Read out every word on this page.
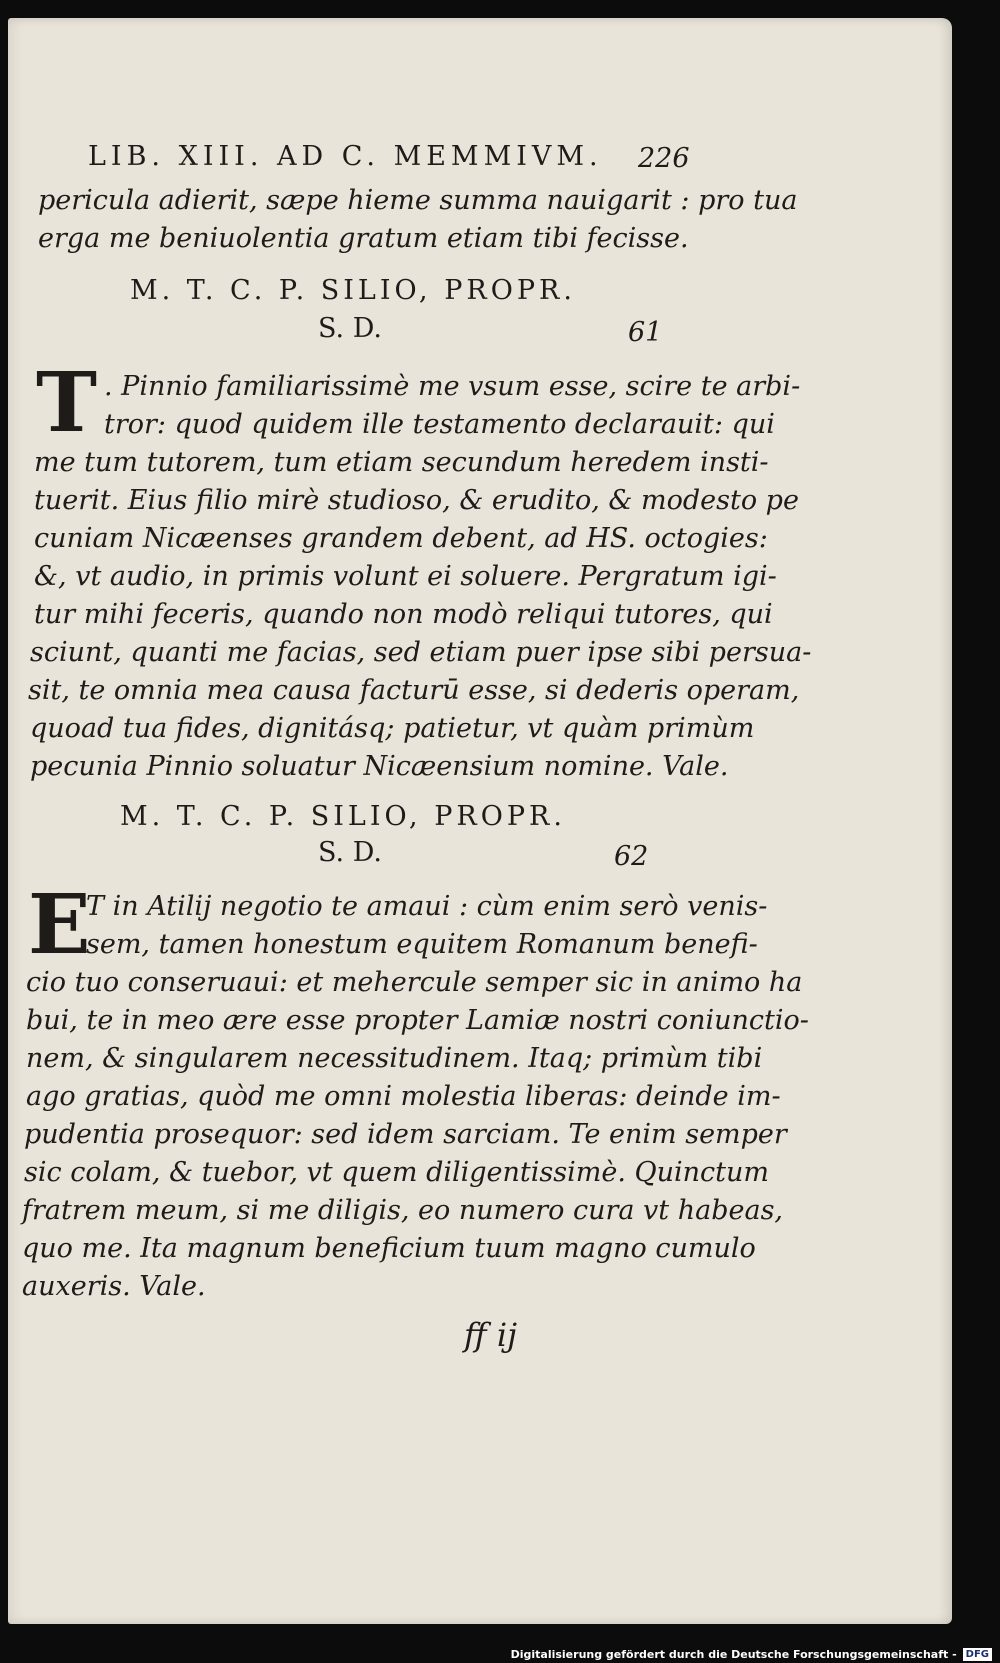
LIB. XIII. AD C. MEMMIVM. 226

pericula adierit, sæpe hieme summa nauigarit : pro tua

erga me beniuolentia gratum etiam tibi fecisse.

M. T. C. P. SILIO, PROPR.

S. D.	61

T . Pinnio familiarissimè me vsum esse, scire te arbi-

tror: quod quidem ille testamento declarauit: qui

me tum tutorem, tum etiam secundum heredem insti-

tuerit. Eius filio mirè studioso, & erudito, & modesto pe

cuniam Nicæenses grandem debent, ad HS. octogies:

&, vt audio, in primis volunt ei soluere. Pergratum igi-

tur mihi feceris, quando non modò reliqui tutores, qui

sciunt, quanti me facias, sed etiam puer ipse sibi persua-

sit, te omnia mea causa facturū esse, si dederis operam,

quoad tua fides, dignitásq; patietur, vt quàm primùm

pecunia Pinnio soluatur Nicæensium nomine. Vale.

M. T. C. P. SILIO, PROPR.

S. D.	62

E

T in Atilij negotio te amaui : cùm enim serò venis-

sem, tamen honestum equitem Romanum benefi-

cio tuo conseruaui: et mehercule semper sic in animo ha

bui, te in meo ære esse propter Lamiæ nostri coniunctio-

nem, & singularem necessitudinem. Itaq; primùm tibi

ago gratias, quòd me omni molestia liberas: deinde im-

pudentia prosequor: sed idem sarciam. Te enim semper

sic colam, & tuebor, vt quem diligentissimè. Quinctum

fratrem meum, si me diligis, eo numero cura vt habeas,

quo me. Ita magnum beneficium tuum magno cumulo

auxeris. Vale.

ff ij

Digitalisierung gefördert durch die Deutsche Forschungsgemeinschaft - DFG
